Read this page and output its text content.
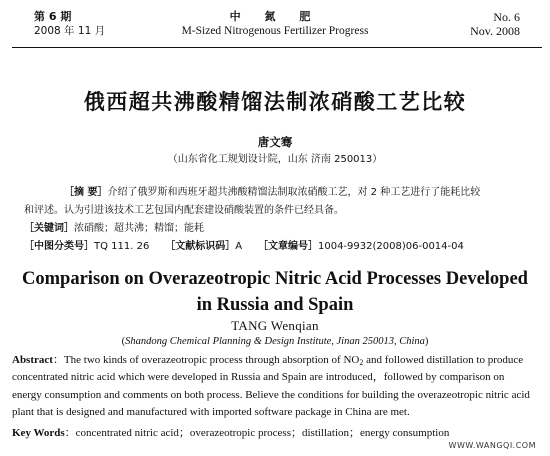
第 6 期
2008 年 11 月
中 氮 肥
M-Sized Nitrogenous Fertilizer Progress
No. 6
Nov. 2008
俄西超共沸酸精馏法制浓硝酸工艺比较
唐文骞
（山东省化工规划设计院，山东 济南 250013）
［摘 要］介绍了俄罗斯和西班牙超共沸酸精馏法制取浓硝酸工艺，对 2 种工艺进行了能耗比较
和评述。认为引进该技术工艺包国内配套建设硝酸装置的条件已经具备。
［关键词］浓硝酸；超共沸；精馏；能耗
［中图分类号］TQ 111. 26 ［文献标识码］A ［文章编号］1004-9932(2008)06-0014-04
Comparison on Overazeotropic Nitric Acid Processes Developed
in Russia and Spain
TANG Wenqian
(Shandong Chemical Planning & Design Institute, Jinan 250013, China)
Abstract：The two kinds of overazeotropic process through absorption of $NO_2$ and followed distillation to produce
concentrated nitric acid which were developed in Russia and Spain are introduced，followed by comparison on
energy consumption and comments on both process. Believe the conditions for building the overazeotropic nitric acid
plant that is designed and manufactured with imported software package in China are met.
Key Words：concentrated nitric acid；overazeotropic process；distillation；energy consumption
WWW.WANGQI.COM
